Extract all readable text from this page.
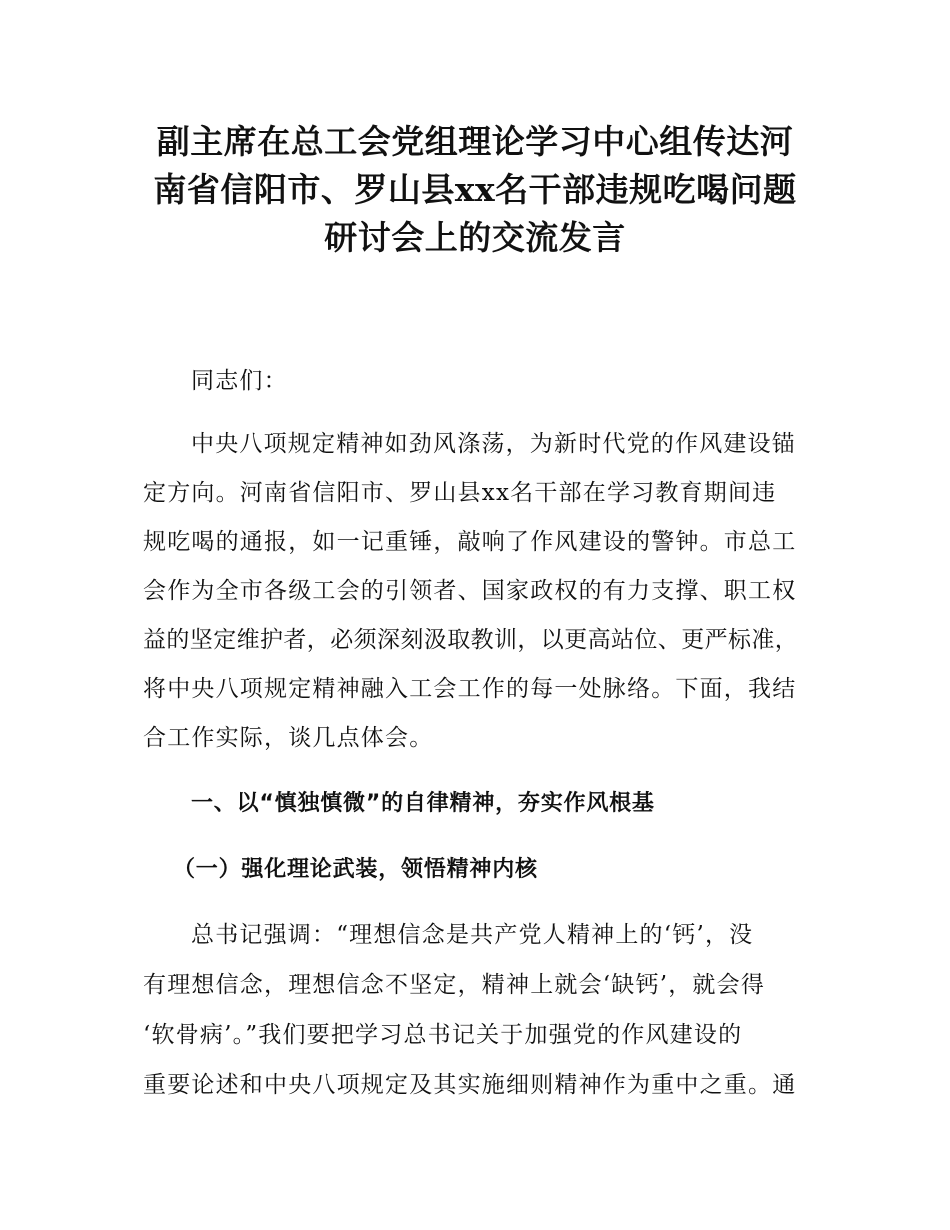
副主席在总工会党组理论学习中心组传达河
南省信阳市、罗山县xx名干部违规吃喝问题
研讨会上的交流发言
同志们：
中央八项规定精神如劲风涤荡，为新时代党的作风建设锚
定方向。河南省信阳市、罗山县xx名干部在学习教育期间违
规吃喝的通报，如一记重锤，敲响了作风建设的警钟。市总工
会作为全市各级工会的引领者、国家政权的有力支撑、职工权
益的坚定维护者，必须深刻汲取教训，以更高站位、更严标准，
将中央八项规定精神融入工会工作的每一处脉络。下面，我结
合工作实际，谈几点体会。
一、以“慎独慎微”的自律精神，夯实作风根基
（一）强化理论武装，领悟精神内核
总书记强调：“理想信念是共产党人精神上的‘钙’，没
有理想信念，理想信念不坚定，精神上就会‘缺钙’，就会得
‘软骨病’。”我们要把学习总书记关于加强党的作风建设的
重要论述和中央八项规定及其实施细则精神作为重中之重。通
